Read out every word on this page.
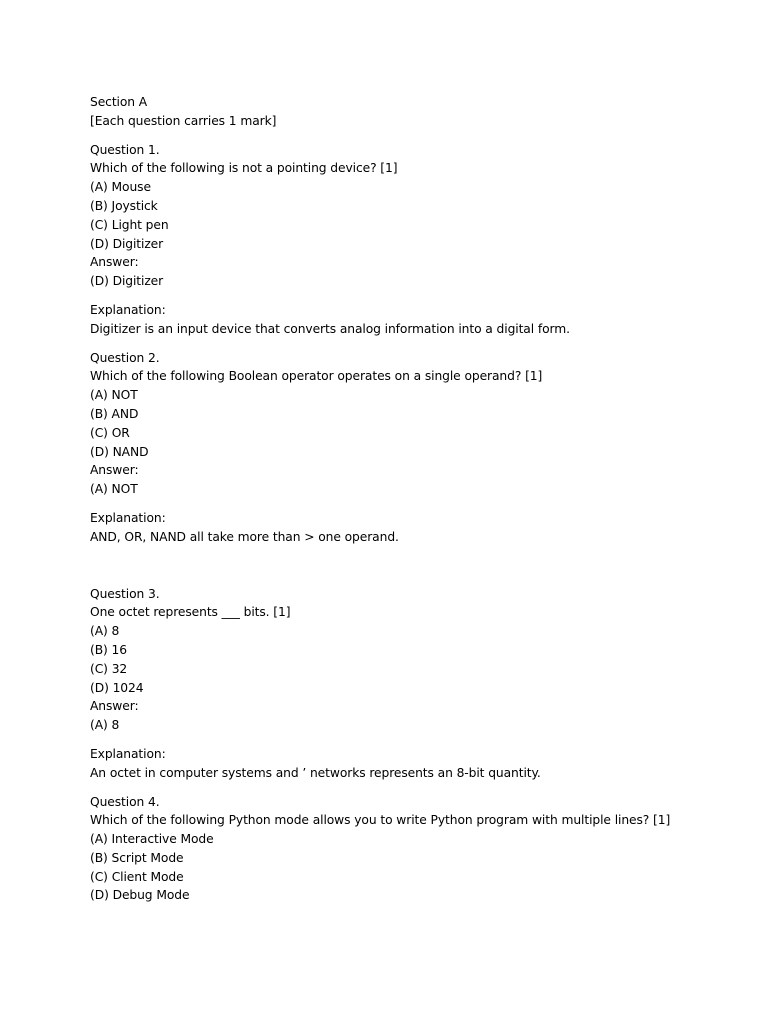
Section A
[Each question carries 1 mark]
Question 1.
Which of the following is not a pointing device? [1]
(A) Mouse
(B) Joystick
(C) Light pen
(D) Digitizer
Answer:
(D) Digitizer
Explanation:
Digitizer is an input device that converts analog information into a digital form.
Question 2.
Which of the following Boolean operator operates on a single operand? [1]
(A) NOT
(B) AND
(C) OR
(D) NAND
Answer:
(A) NOT
Explanation:
AND, OR, NAND all take more than > one operand.
Question 3.
One octet represents ___ bits. [1]
(A) 8
(B) 16
(C) 32
(D) 1024
Answer:
(A) 8
Explanation:
An octet in computer systems and ’ networks represents an 8-bit quantity.
Question 4.
Which of the following Python mode allows you to write Python program with multiple lines? [1]
(A) Interactive Mode
(B) Script Mode
(C) Client Mode
(D) Debug Mode
